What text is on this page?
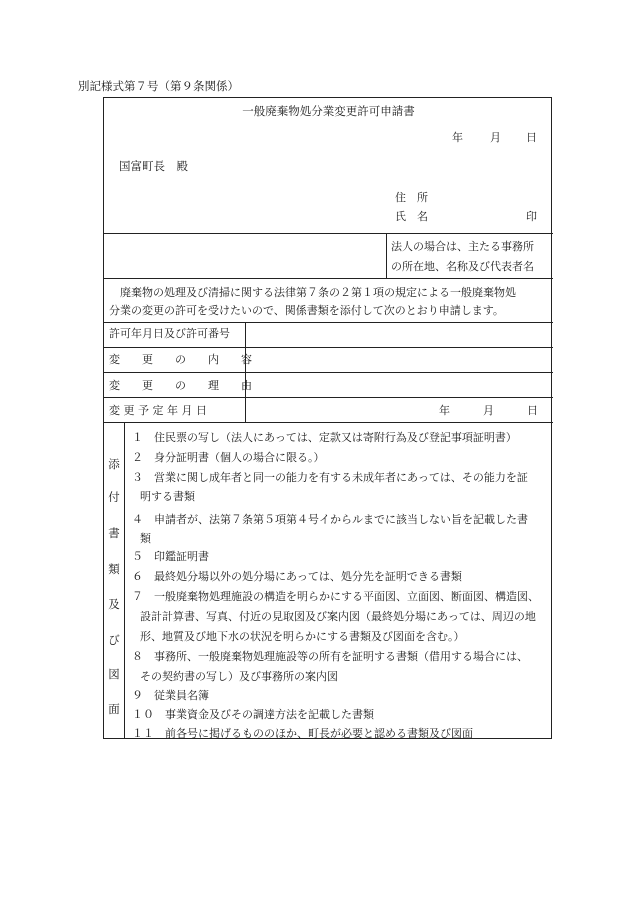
別記様式第７号（第９条関係）
一般廃棄物処分業変更許可申請書
年 月 日
国富町長　殿
住　所
氏　名	印
法人の場合は、主たる事務所
の所在地、名称及び代表者名
　廃棄物の処理及び清掃に関する法律第７条の２第１項の規定による一般廃棄物処
分業の変更の許可を受けたいので、関係書類を添付して次のとおり申請します。
許可年月日及び許可番号
変　　更　　の　　内　　容
変　　更　　の　　理　　由
変 更 予 定 年 月 日	年　　　月　　　日
添
付
書
類
及
び
図
面
１　住民票の写し（法人にあっては、定款又は寄附行為及び登記事項証明書）
２　身分証明書（個人の場合に限る。）
３　営業に関し成年者と同一の能力を有する未成年者にあっては、その能力を証
明する書類
４　申請者が、法第７条第５項第４号イからルまでに該当しない旨を記載した書
類
５　印鑑証明書
６　最終処分場以外の処分場にあっては、処分先を証明できる書類
７　一般廃棄物処理施設の構造を明らかにする平面図、立面図、断面図、構造図、
設計計算書、写真、付近の見取図及び案内図（最終処分場にあっては、周辺の地
形、地質及び地下水の状況を明らかにする書類及び図面を含む。）
８　事務所、一般廃棄物処理施設等の所有を証明する書類（借用する場合には、
その契約書の写し）及び事務所の案内図
９　従業員名簿
１０　事業資金及びその調達方法を記載した書類
１１　前各号に掲げるもののほか、町長が必要と認める書類及び図面
